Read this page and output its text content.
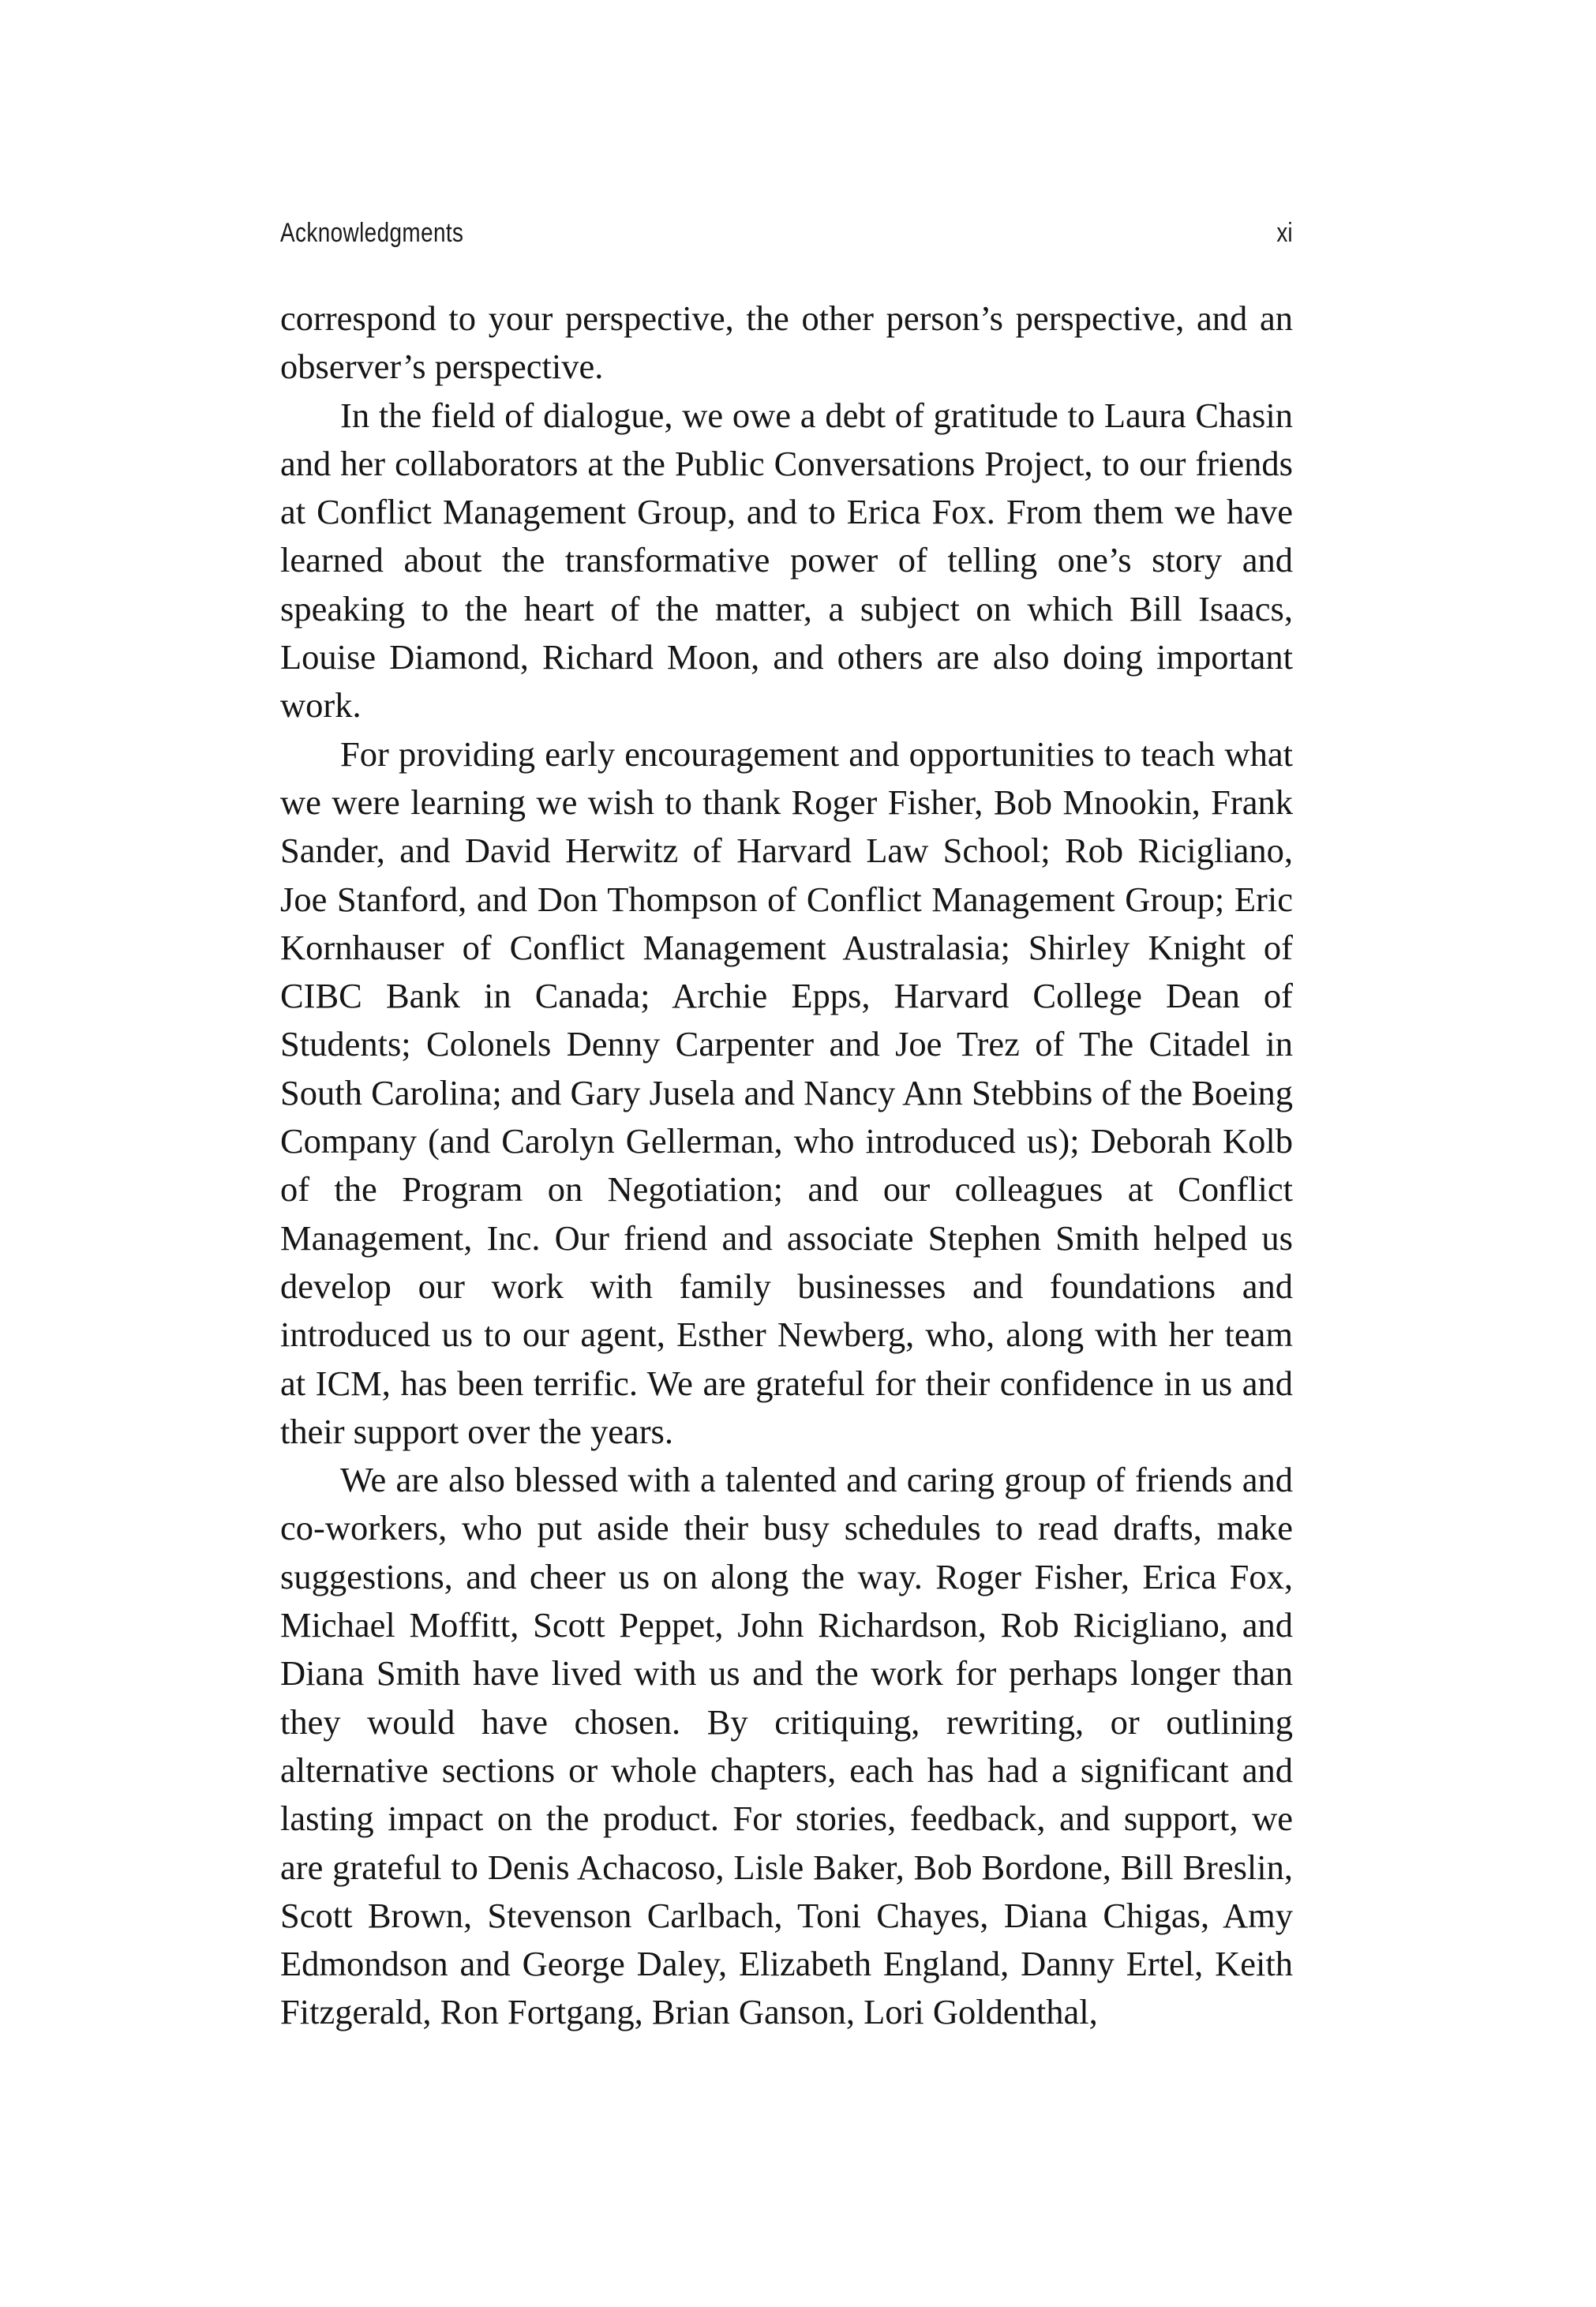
Acknowledgments	xi

correspond to your perspective, the other person’s perspective, and an observer’s perspective.

In the field of dialogue, we owe a debt of gratitude to Laura Chasin and her collaborators at the Public Conversations Project, to our friends at Conflict Management Group, and to Erica Fox. From them we have learned about the transformative power of telling one’s story and speaking to the heart of the matter, a subject on which Bill Isaacs, Louise Diamond, Richard Moon, and others are also doing important work.

For providing early encouragement and opportunities to teach what we were learning we wish to thank Roger Fisher, Bob Mnookin, Frank Sander, and David Herwitz of Harvard Law School; Rob Ricigliano, Joe Stanford, and Don Thompson of Conflict Management Group; Eric Kornhauser of Conflict Management Australasia; Shirley Knight of CIBC Bank in Canada; Archie Epps, Harvard College Dean of Students; Colonels Denny Carpenter and Joe Trez of The Citadel in South Carolina; and Gary Jusela and Nancy Ann Stebbins of the Boeing Company (and Carolyn Gellerman, who introduced us); Deborah Kolb of the Program on Negotiation; and our colleagues at Conflict Management, Inc. Our friend and associate Stephen Smith helped us develop our work with family businesses and foundations and introduced us to our agent, Esther Newberg, who, along with her team at ICM, has been terrific. We are grateful for their confidence in us and their support over the years.

We are also blessed with a talented and caring group of friends and co-workers, who put aside their busy schedules to read drafts, make suggestions, and cheer us on along the way. Roger Fisher, Erica Fox, Michael Moffitt, Scott Peppet, John Richardson, Rob Ricigliano, and Diana Smith have lived with us and the work for perhaps longer than they would have chosen. By critiquing, rewriting, or outlining alternative sections or whole chapters, each has had a significant and lasting impact on the product. For stories, feedback, and support, we are grateful to Denis Achacoso, Lisle Baker, Bob Bordone, Bill Breslin, Scott Brown, Stevenson Carlbach, Toni Chayes, Diana Chigas, Amy Edmondson and George Daley, Elizabeth England, Danny Ertel, Keith Fitzgerald, Ron Fortgang, Brian Ganson, Lori Goldenthal,
